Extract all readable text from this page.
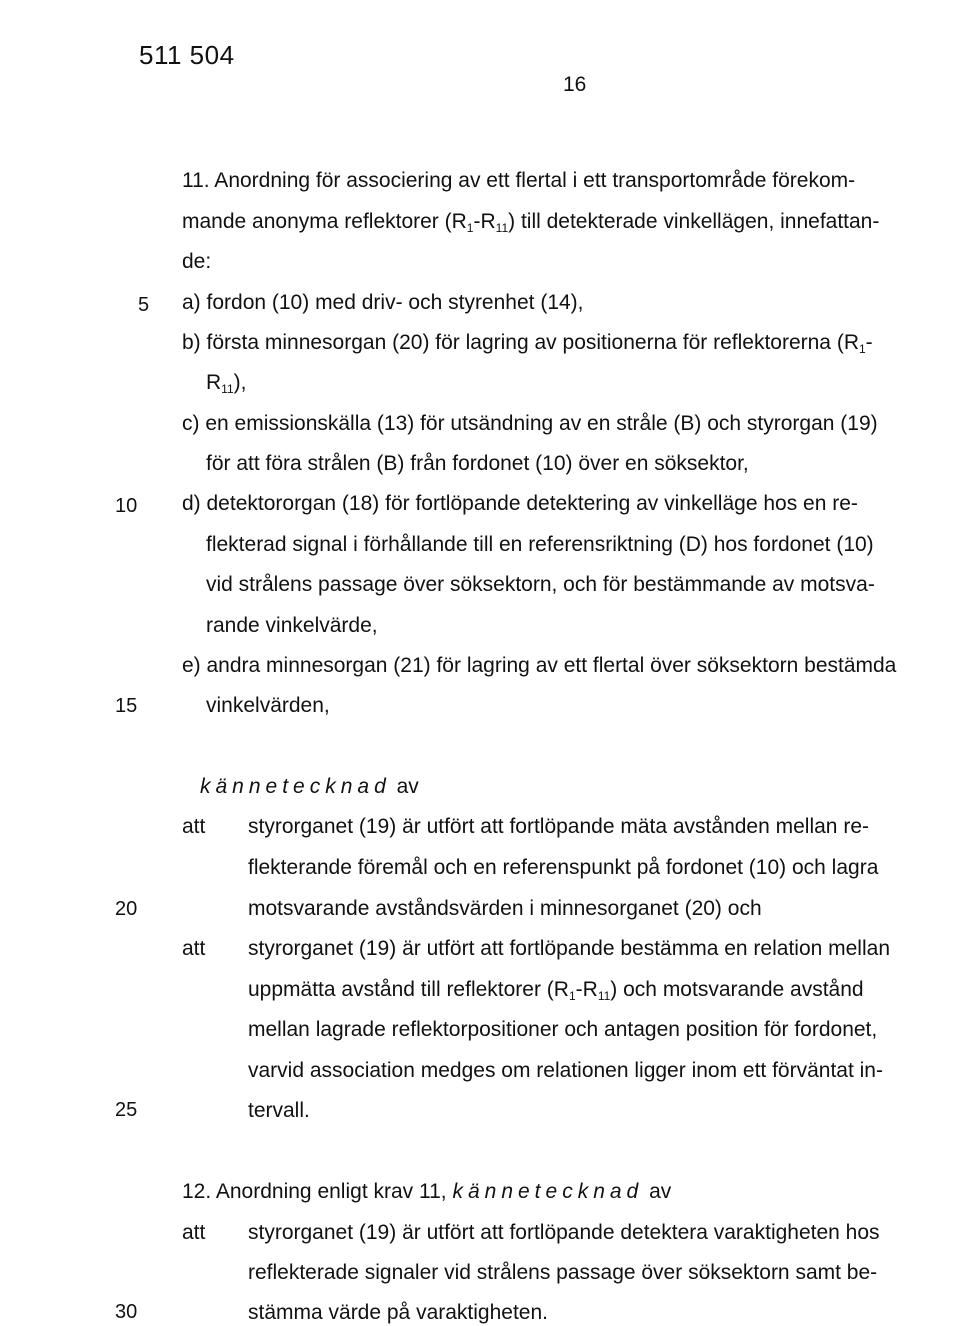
511 504
16
5
10
15
20
25
30
11. Anordning för associering av ett flertal i ett transportområde förekom-
mande anonyma reflektorer $(R_1-R_{11})$ till detekterade vinkellägen, innefattan-
de:
a) fordon (10) med driv- och styrenhet (14),
b) första minnesorgan (20) för lagring av positionerna för reflektorerna ($R_1-$
$R_{11}$),
c) en emissionskälla (13) för utsändning av en stråle (B) och styrorgan (19)
för att föra strålen (B) från fordonet (10) över en söksektor,
d) detektororgan (18) för fortlöpande detektering av vinkelläge hos en re-
flekterad signal i förhållande till en referensriktning (D) hos fordonet (10)
vid strålens passage över söksektorn, och för bestämmande av motsva-
rande vinkelvärde,
e) andra minnesorgan (21) för lagring av ett flertal över söksektorn bestämda
vinkelvärden,
kännetecknad av
att styrorganet (19) är utfört att fortlöpande mäta avstånden mellan re-
flekterande föremål och en referenspunkt på fordonet (10) och lagra
motsvarande avståndsvärden i minnesorganet (20) och
att styrorganet (19) är utfört att fortlöpande bestämma en relation mellan
uppmätta avstånd till reflektorer $(R_1-R_{11})$ och motsvarande avstånd
mellan lagrade reflektorpositioner och antagen position för fordonet,
varvid association medges om relationen ligger inom ett förväntat in-
tervall.
12. Anordning enligt krav 11, kännetecknad av
att styrorganet (19) är utfört att fortlöpande detektera varaktigheten hos
reflekterade signaler vid strålens passage över söksektorn samt be-
stämma värde på varaktigheten.
